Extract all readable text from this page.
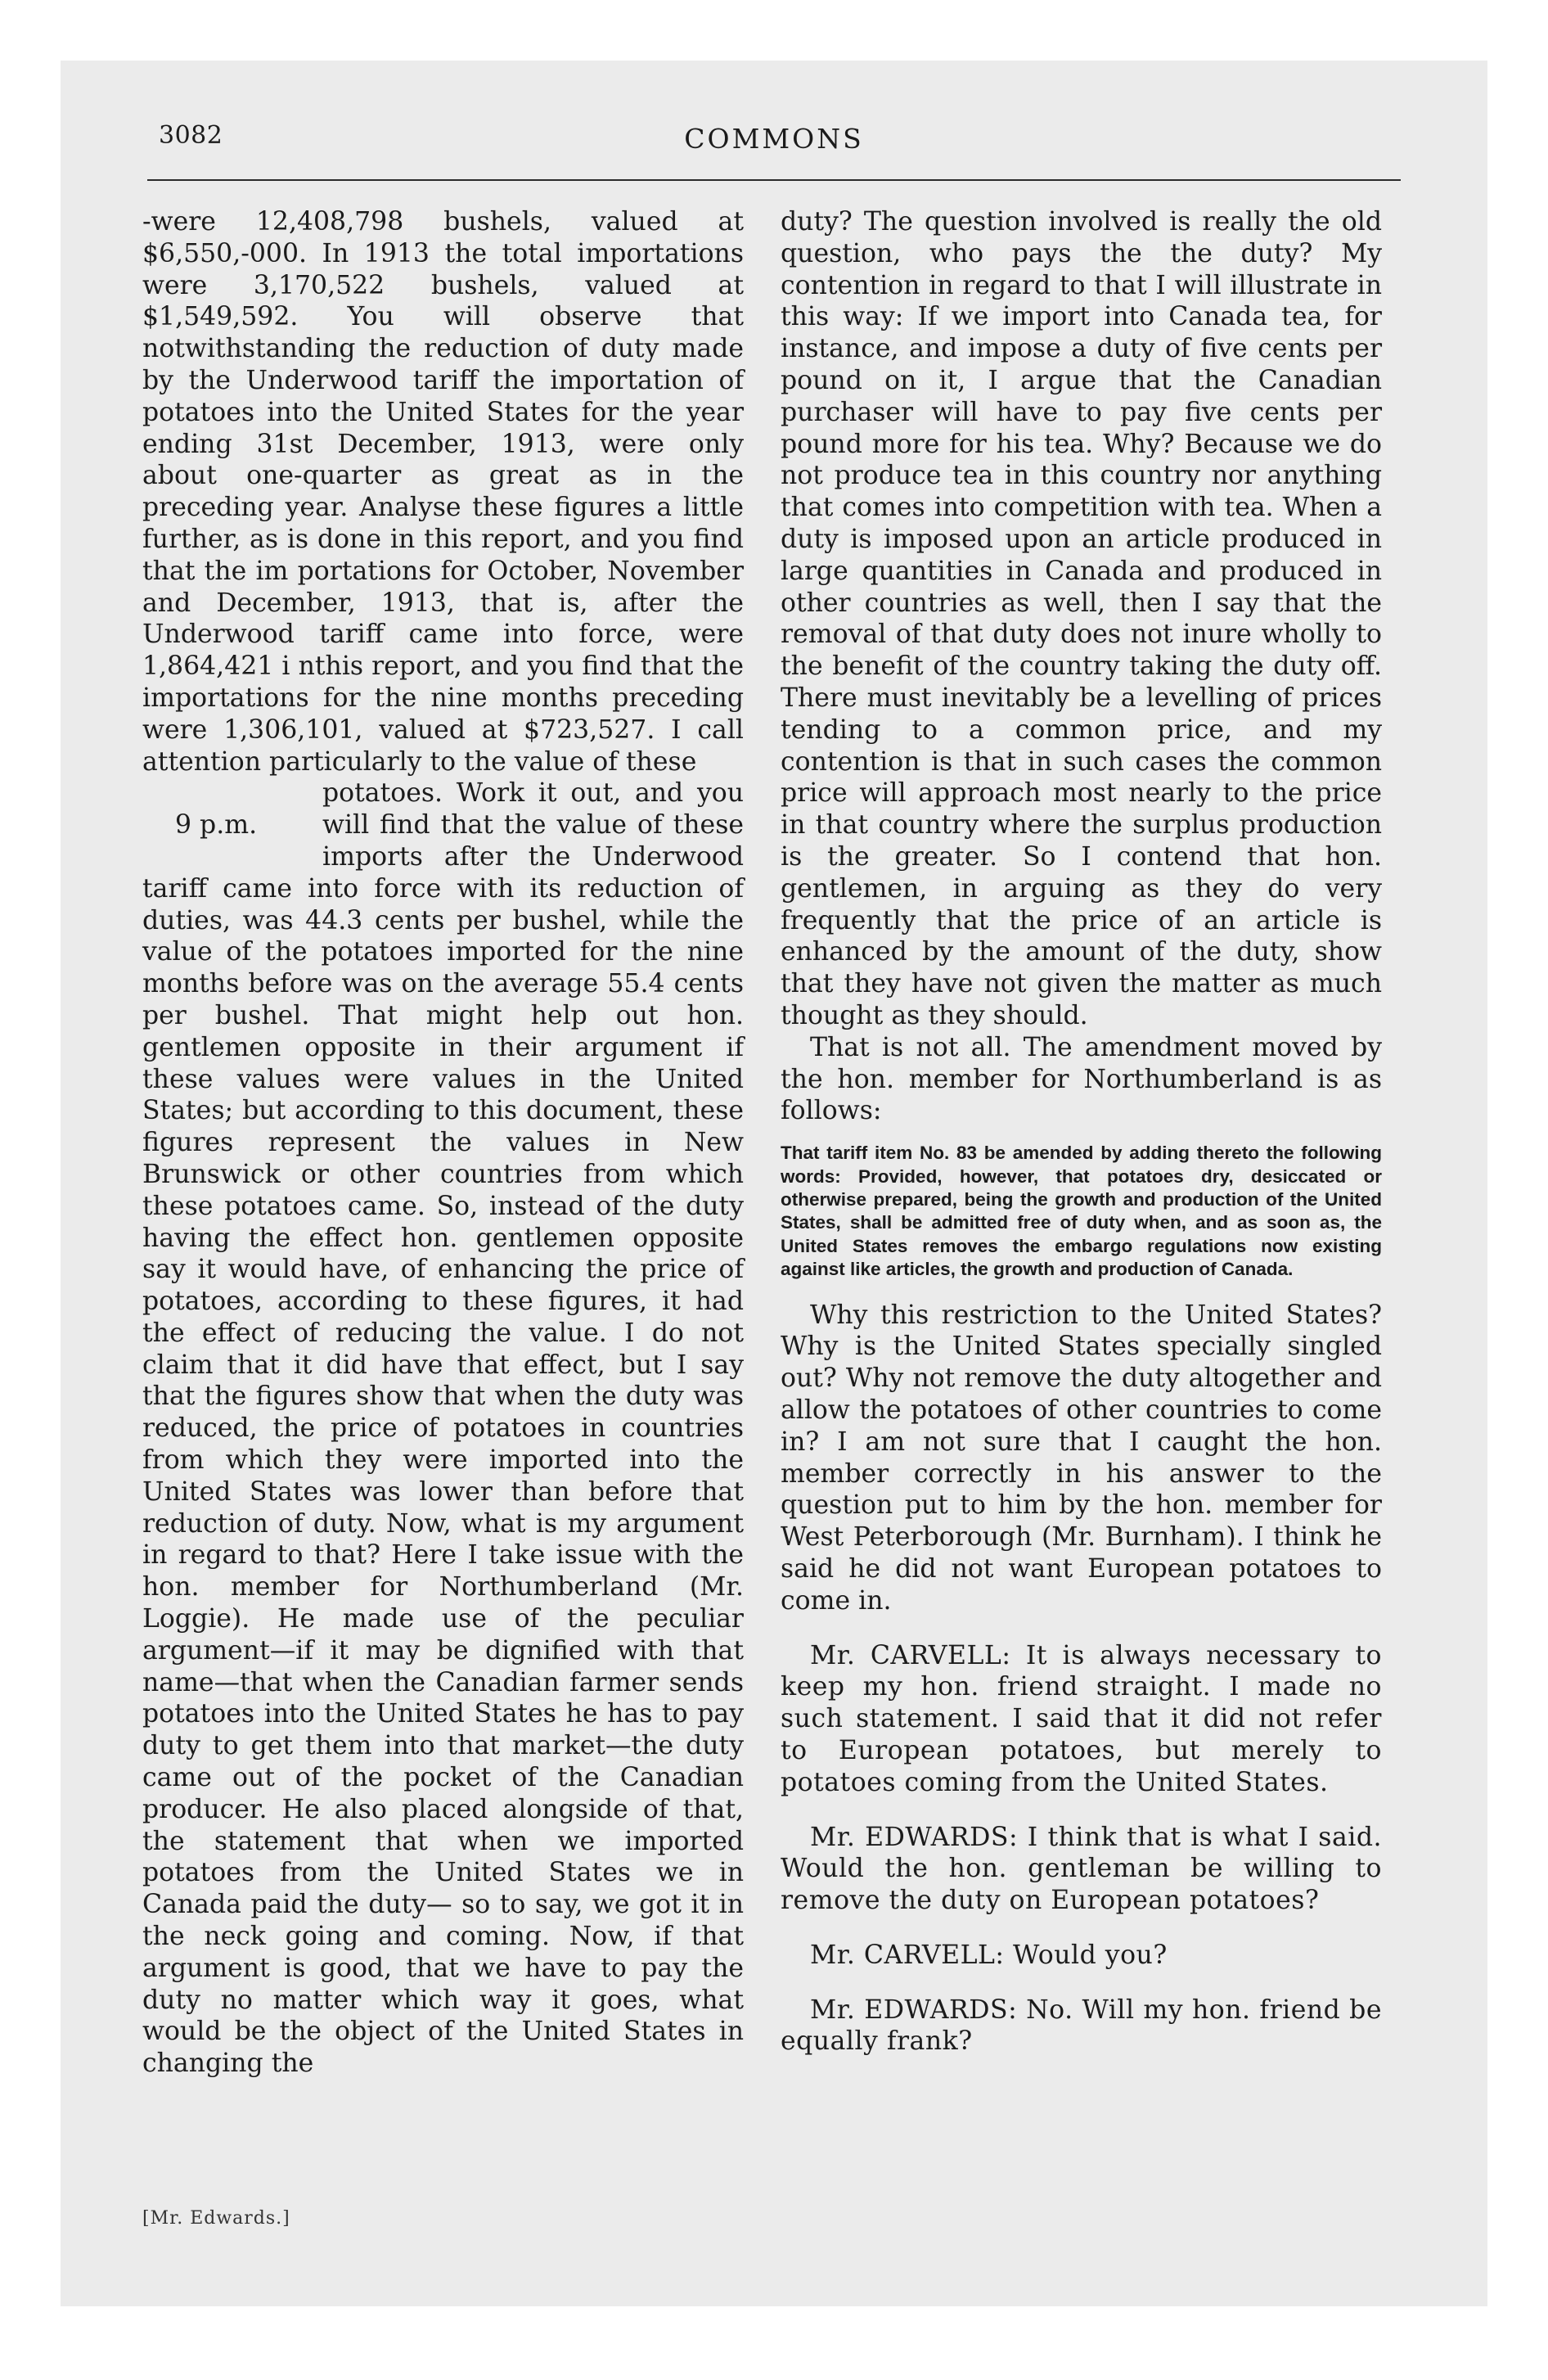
3082	COMMONS

-were 12,408,798 bushels, valued at $6,550,-000. In 1913 the total importations were 3,170,522 bushels, valued at $1,549,592. You will observe that notwithstanding the reduction of duty made by the Underwood tariff the importation of potatoes into the United States for the year ending 31st December, 1913, were only about one-quarter as great as in the preceding year. Analyse these figures a little further, as is done in this report, and you find that the im portations for October, November and December, 1913, that is, after the Underwood tariff came into force, were 1,864,421 i nthis report, and you find that the importations for the nine months preceding were 1,306,101, valued at $723,527. I call attention particularly to the value of these

9 p.m.

potatoes. Work it out, and you will find that the value of these imports after the Underwood tariff came into force with its reduction of duties, was 44.3 cents per bushel, while the value of the potatoes imported for the nine months before was on the average 55.4 cents per bushel. That might help out hon. gentlemen opposite in their argument if these values were values in the United States; but according to this document, these figures represent the values in New Brunswick or other countries from which these potatoes came. So, instead of the duty having the effect hon. gentlemen opposite say it would have, of enhancing the price of potatoes, according to these figures, it had the effect of reducing the value. I do not claim that it did have that effect, but I say that the figures show that when the duty was reduced, the price of potatoes in countries from which they were imported into the United States was lower than before that reduction of duty. Now, what is my argument in regard to that? Here I take issue with the hon. member for Northumberland (Mr. Loggie). He made use of the peculiar argument—if it may be dignified with that name—that when the Canadian farmer sends potatoes into the United States he has to pay duty to get them into that market—the duty came out of the pocket of the Canadian producer. He also placed alongside of that, the statement that when we imported potatoes from the United States we in Canada paid the duty— so to say, we got it in the neck going and coming. Now, if that argument is good, that we have to pay the duty no matter which way it goes, what would be the object of the United States in changing the

duty? The question involved is really the old question, who pays the the duty? My contention in regard to that I will illustrate in this way: If we import into Canada tea, for instance, and impose a duty of five cents per pound on it, I argue that the Canadian purchaser will have to pay five cents per pound more for his tea. Why? Because we do not produce tea in this country nor anything that comes into competition with tea. When a duty is imposed upon an article produced in large quantities in Canada and produced in other countries as well, then I say that the removal of that duty does not inure wholly to the benefit of the country taking the duty off. There must inevitably be a levelling of prices tending to a common price, and my contention is that in such cases the common price will approach most nearly to the price in that country where the surplus production is the greater. So I contend that hon. gentlemen, in arguing as they do very frequently that the price of an article is enhanced by the amount of the duty, show that they have not given the matter as much thought as they should.

That is not all. The amendment moved by the hon. member for Northumberland is as follows:

That tariff item No. 83 be amended by adding thereto the following words: Provided, however, that potatoes dry, desiccated or otherwise prepared, being the growth and production of the United States, shall be admitted free of duty when, and as soon as, the United States removes the embargo regulations now existing against like articles, the growth and production of Canada.

Why this restriction to the United States? Why is the United States specially singled out? Why not remove the duty altogether and allow the potatoes of other countries to come in? I am not sure that I caught the hon. member correctly in his answer to the question put to him by the hon. member for West Peterborough (Mr. Burnham). I think he said he did not want European potatoes to come in.

Mr. CARVELL: It is always necessary to keep my hon. friend straight. I made no such statement. I said that it did not refer to European potatoes, but merely to potatoes coming from the United States.

Mr. EDWARDS: I think that is what I said. Would the hon. gentleman be willing to remove the duty on European potatoes?

Mr. CARVELL: Would you?

Mr. EDWARDS: No. Will my hon. friend be equally frank?

[Mr. Edwards.]
